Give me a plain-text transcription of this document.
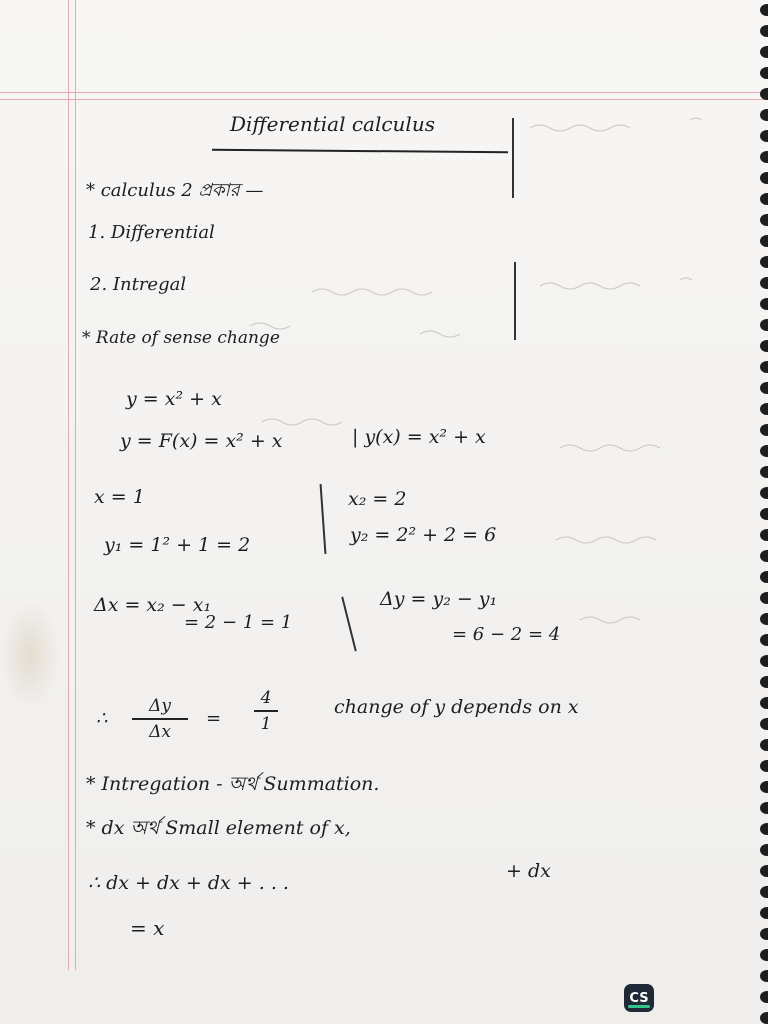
Differential calculus
* calculus 2 প্রকার —
1. Differential
2. Intregal
* Rate of sense change
y = x² + x
y = F(x) = x² + x	| y(x) = x² + x
x = 1	x₂ = 2
y₁ = 1² + 1 = 2	y₂ = 2² + 2 = 6
Δx = x₂ − x₁
= 2 − 1 = 1
Δy = y₂ − y₁
= 6 − 2 = 4
∴
Δy
Δx
=
4
1
change of y depends on x
* Intregation - অর্থ Summation.
* dx অর্থ Small element of x,
∴ dx + dx + dx + . . .
+ dx
= x
CS
